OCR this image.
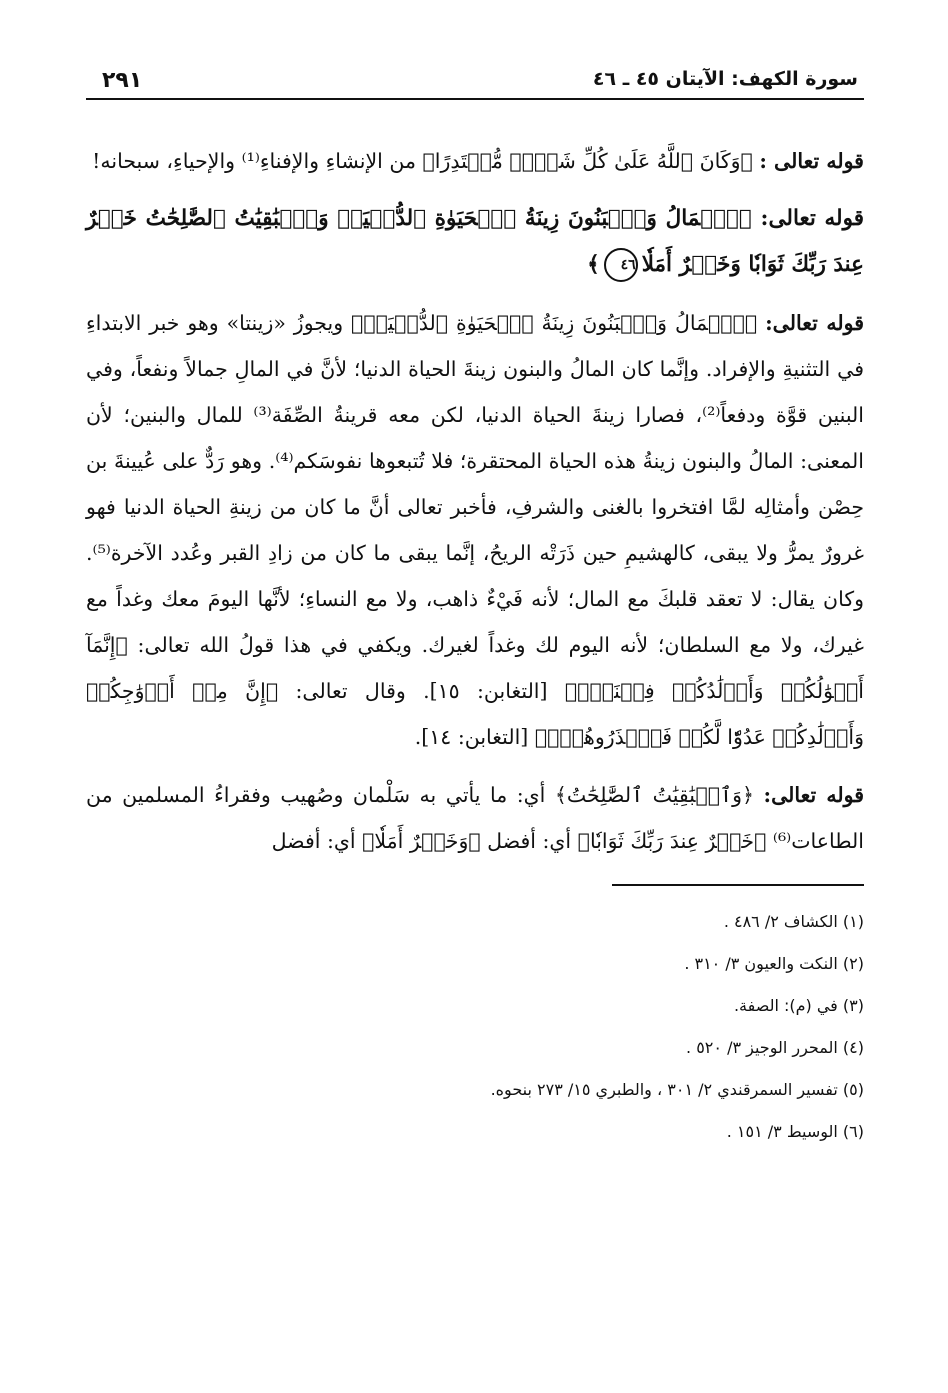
سورة الكهف: الآيتان ٤٥ ـ ٤٦
٢٩١

قوله تعالى : ﴿وَكَانَ ٱللَّهُ عَلَىٰ كُلِّ شَيۡءٖ مُّقۡتَدِرًا﴾ من الإنشاءِ والإفناءِ⁽¹⁾ والإحياءِ، سبحانه!

قوله تعالى: ﴿ٱلۡمَالُ وَٱلۡبَنُونَ زِينَةُ ٱلۡحَيَوٰةِ ٱلدُّنۡيَاۖ وَٱلۡبَٰقِيَٰتُ ٱلصَّٰلِحَٰتُ خَيۡرٌ عِندَ رَبِّكَ ثَوَابٗا وَخَيۡرٌ أَمَلٗا٤٦﴾

قوله تعالى: ﴿ٱلۡمَالُ وَٱلۡبَنُونَ زِينَةُ ٱلۡحَيَوٰةِ ٱلدُّنۡيَاۖ﴾ ويجوزُ «زينتا» وهو خبر الابتداءِ في التثنيةِ والإفراد. وإنَّما كان المالُ والبنون زينةَ الحياة الدنيا؛ لأنَّ في المالِ جمالاً ونفعاً، وفي البنين قوَّة ودفعاً⁽²⁾، فصارا زينةَ الحياة الدنيا، لكن معه قرينةُ الصِّفَة⁽³⁾ للمال والبنين؛ لأن المعنى: المالُ والبنون زينةُ هذه الحياة المحتقرة؛ فلا تُتبعوها نفوسَكم⁽⁴⁾. وهو رَدٌّ على عُيينةَ بن حِصْن وأمثالِه لمَّا افتخروا بالغنى والشرفِ، فأخبر تعالى أنَّ ما كان من زينةِ الحياة الدنيا فهو غرورٌ يمرُّ ولا يبقى، كالهشيمِ حين ذَرَتْه الريحُ، إنَّما يبقى ما كان من زادِ القبر وعُدد الآخرة⁽⁵⁾. وكان يقال: لا تعقد قلبكَ مع المال؛ لأنه فَيْءٌ ذاهب، ولا مع النساءِ؛ لأنَّها اليومَ معك وغداً مع غيرك، ولا مع السلطان؛ لأنه اليوم لك وغداً لغيرك. ويكفي في هذا قولُ الله تعالى: ﴿إِنَّمَآ أَمۡوَٰلُكُمۡ وَأَوۡلَٰدُكُمۡ فِتۡنَةٞۚ﴾ [التغابن: ١٥]. وقال تعالى: ﴿إِنَّ مِنۡ أَزۡوَٰجِكُمۡ وَأَوۡلَٰدِكُمۡ عَدُوّٗا لَّكُمۡ فَٱحۡذَرُوهُمۡۚ﴾ [التغابن: ١٤].

قوله تعالى: ﴿وَٱلۡبَٰقِيَٰتُ ٱلصَّٰلِحَٰتُ﴾ أي: ما يأتي به سَلْمان وصُهيب وفقراءُ المسلمين من الطاعات⁽⁶⁾ ﴿خَيۡرٌ عِندَ رَبِّكَ ثَوَابٗا﴾ أي: أفضل ﴿وَخَيۡرٌ أَمَلٗا﴾ أي: أفضل

(١) الكشاف ٢/ ٤٨٦ .
(٢) النكت والعيون ٣/ ٣١٠ .
(٣) في (م): الصفة.
(٤) المحرر الوجيز ٣/ ٥٢٠ .
(٥) تفسير السمرقندي ٢/ ٣٠١ ، والطبري ١٥/ ٢٧٣ بنحوه.
(٦) الوسيط ٣/ ١٥١ .
